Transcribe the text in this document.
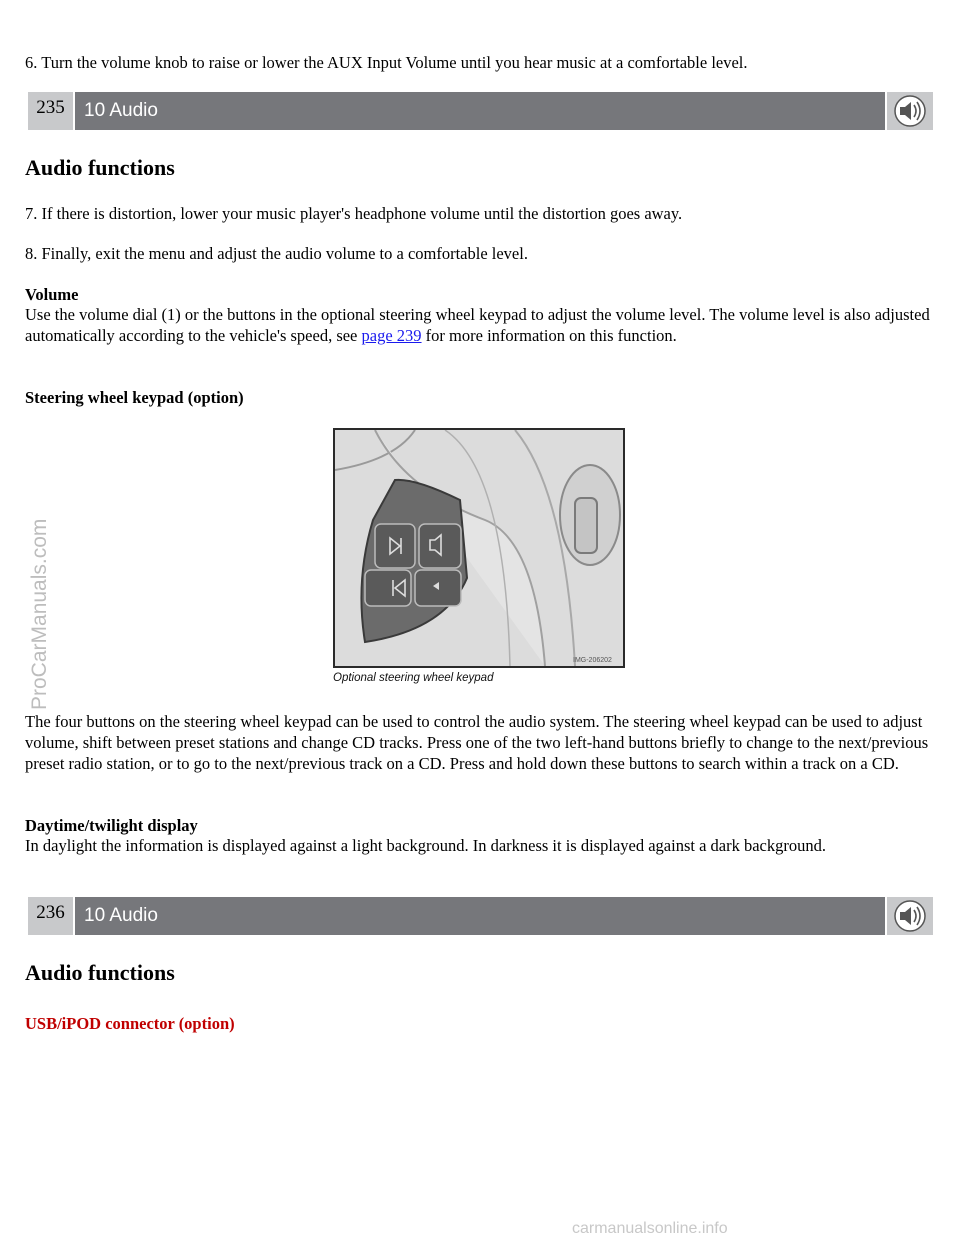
6. Turn the volume knob to raise or lower the AUX Input Volume until you hear music at a comfortable level.

235	10 Audio
Audio functions

7. If there is distortion, lower your music player's headphone volume until the distortion goes away.

8. Finally, exit the menu and adjust the audio volume to a comfortable level.

Volume

Use the volume dial (1) or the buttons in the optional steering wheel keypad to adjust the volume level. The volume level is also adjusted automatically according to the vehicle's speed, see page 239 for more information on this function.

Steering wheel keypad (option)

IMG-206202
Optional steering wheel keypad

The four buttons on the steering wheel keypad can be used to control the audio system. The steering wheel keypad can be used to adjust volume, shift between preset stations and change CD tracks. Press one of the two left-hand buttons briefly to change to the next/previous preset radio station, or to go to the next/previous track on a CD. Press and hold down these buttons to search within a track on a CD.

Daytime/twilight display

In daylight the information is displayed against a light background. In darkness it is displayed against a dark background.

236	10 Audio
Audio functions

USB/iPOD connector (option)

ProCarManuals.com
carmanualsonline.info
